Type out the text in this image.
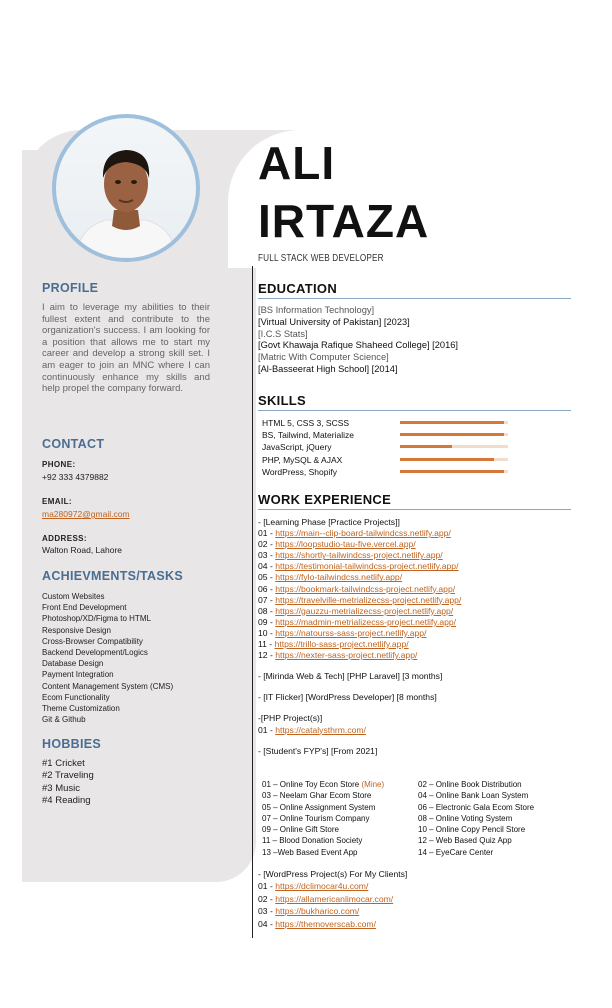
ALI
IRTAZA
FULL STACK WEB DEVELOPER
PROFILE
I aim to leverage my abilities to their fullest extent and contribute to the organization's success. I am looking for a position that allows me to start my career and develop a strong skill set. I am eager to join an MNC where I can continuously enhance my skills and help propel the company forward.
CONTACT
PHONE:
+92 333 4379882
EMAIL:
ma280972@gmail.com
ADDRESS:
Walton Road, Lahore
ACHIEVMENTS/TASKS
Custom Websites
Front End Development
Photoshop/XD/Figma to HTML
Responsive Design
Cross-Browser Compatibility
Backend Development/Logics
Database Design
Payment Integration
Content Management System (CMS)
Ecom Functionality
Theme Customization
Git & Github
HOBBIES
#1 Cricket
#2 Traveling
#3 Music
#4 Reading
EDUCATION
[BS Information Technology]
[Virtual University of Pakistan] [2023]
[I.C.S Stats]
[Govt Khawaja Rafique Shaheed College] [2016]
[Matric With Computer Science]
[Al-Basseerat High School] [2014]
SKILLS
HTML 5, CSS 3, SCSS
BS, Tailwind, Materialize
JavaScript, jQuery
PHP, MySQL & AJAX
WordPress, Shopify
WORK EXPERIENCE
- [Learning Phase [Practice Projects]]
01 - https://main--clip-board-tailwindcss.netlify.app/
02 - https://loopstudio-tau-five.vercel.app/
03 - https://shortly-tailwindcss-project.netlify.app/
04 - https://testimonial-tailwindcss-project.netlify.app/
05 - https://fylo-tailwindcss.netlify.app/
06 - https://bookmark-tailwindcss-project.netlify.app/
07 - https://travelville-metrializecss-project.netlify.app/
08 - https://gauzzu-metrializecss-project.netlify.app/
09 - https://madmin-metrializecss-project.netlify.app/
10 - https://natourss-sass-project.netlify.app/
11 - https://trillo-sass-project.netlify.app/
12 - https://nexter-sass-project.netlify.app/
- [Mirinda Web & Tech] [PHP Laravel] [3 months]
- [IT Flicker] [WordPress Developer] [8 months]
-[PHP Project(s)]
01 - https://catalysthrm.com/
- [Student's FYP's] [From 2021]
01 – Online Toy Econ Store (Mine)	02 – Online Book Distribution
03 – Neelam Ghar Ecom Store	04 – Online Bank Loan System
05 – Online Assignment System	06 – Electronic Gala Ecom Store
07 – Online Tourism Company	08 – Online Voting System
09 – Online Gift Store	10 – Online Copy Pencil Store
11 – Blood Donation Society	12 – Web Based Quiz App
13 –Web Based Event App	14 – EyeCare Center
- [WordPress Project(s) For My Clients]
01 - https://dclimocar4u.com/
02 - https://allamericanlimocar.com/
03 - https://bukharico.com/
04 - https://themoverscab.com/
